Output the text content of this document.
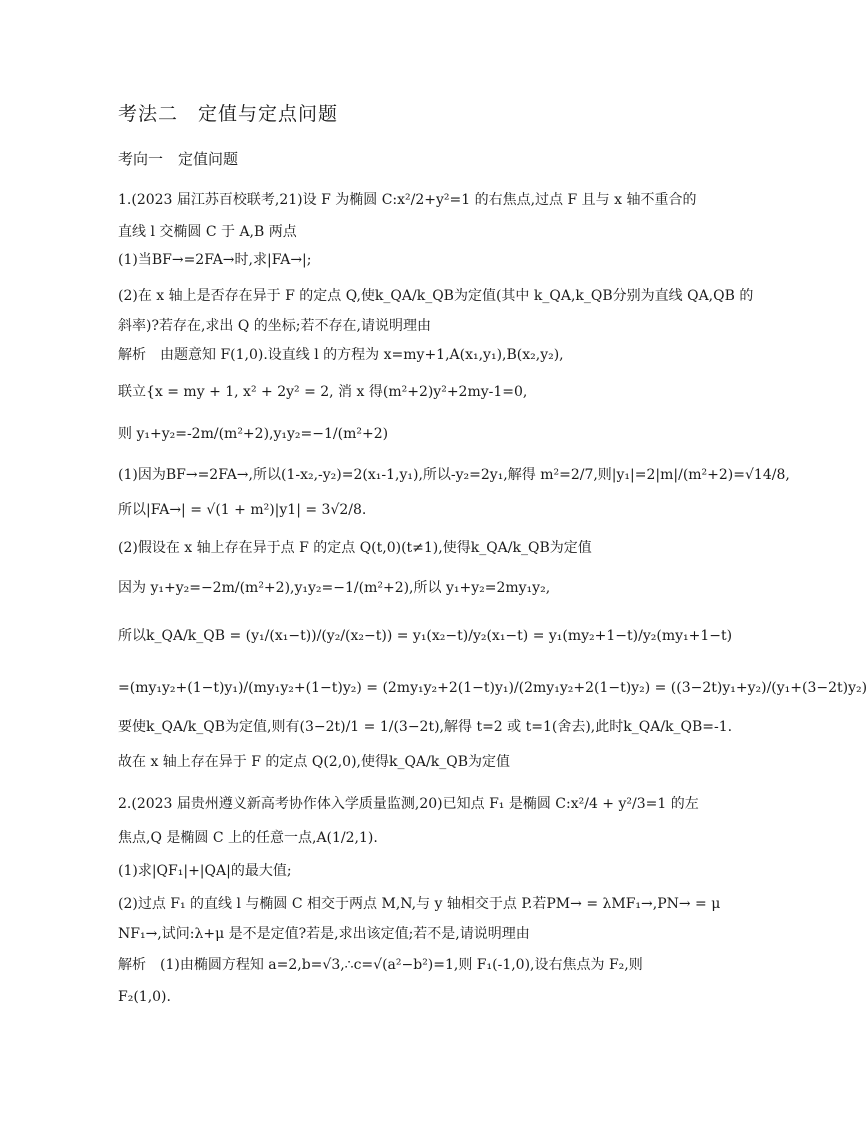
考法二　定值与定点问题
考向一　定值问题
1.(2023 届江苏百校联考,21)设 F 为椭圆 C:x²/2+y²=1 的右焦点,过点 F 且与 x 轴不重合的
直线 l 交椭圆 C 于 A,B 两点
(1)当BF→=2FA→时,求|FA→|;
(2)在 x 轴上是否存在异于 F 的定点 Q,使k_QA/k_QB为定值(其中 k_QA,k_QB分别为直线 QA,QB 的
斜率)?若存在,求出 Q 的坐标;若不存在,请说明理由
解析　由题意知 F(1,0).设直线 l 的方程为 x=my+1,A(x₁,y₁),B(x₂,y₂),
联立{x = my + 1, x² + 2y² = 2, 消 x 得(m²+2)y²+2my-1=0,
则 y₁+y₂=-2m/(m²+2),y₁y₂=−1/(m²+2)
(1)因为BF→=2FA→,所以(1-x₂,-y₂)=2(x₁-1,y₁),所以-y₂=2y₁,解得 m²=2/7,则|y₁|=2|m|/(m²+2)=√14/8,
所以|FA→| = √(1 + m²)|y1| = 3√2/8.
(2)假设在 x 轴上存在异于点 F 的定点 Q(t,0)(t≠1),使得k_QA/k_QB为定值
因为 y₁+y₂=−2m/(m²+2),y₁y₂=−1/(m²+2),所以 y₁+y₂=2my₁y₂,
所以k_QA/k_QB = (y₁/(x₁−t))/(y₂/(x₂−t)) = y₁(x₂−t)/y₂(x₁−t) = y₁(my₂+1−t)/y₂(my₁+1−t)
=(my₁y₂+(1−t)y₁)/(my₁y₂+(1−t)y₂) = (2my₁y₂+2(1−t)y₁)/(2my₁y₂+2(1−t)y₂) = ((3−2t)y₁+y₂)/(y₁+(3−2t)y₂)
要使k_QA/k_QB为定值,则有(3−2t)/1 = 1/(3−2t),解得 t=2 或 t=1(舍去),此时k_QA/k_QB=-1.
故在 x 轴上存在异于 F 的定点 Q(2,0),使得k_QA/k_QB为定值
2.(2023 届贵州遵义新高考协作体入学质量监测,20)已知点 F₁ 是椭圆 C:x²/4 + y²/3=1 的左
焦点,Q 是椭圆 C 上的任意一点,A(1/2,1).
(1)求|QF₁|+|QA|的最大值;
(2)过点 F₁ 的直线 l 与椭圆 C 相交于两点 M,N,与 y 轴相交于点 P.若PM→ = λMF₁→,PN→ = μ
NF₁→,试问:λ+μ 是不是定值?若是,求出该定值;若不是,请说明理由
解析　(1)由椭圆方程知 a=2,b=√3,∴c=√(a²−b²)=1,则 F₁(-1,0),设右焦点为 F₂,则
F₂(1,0).
